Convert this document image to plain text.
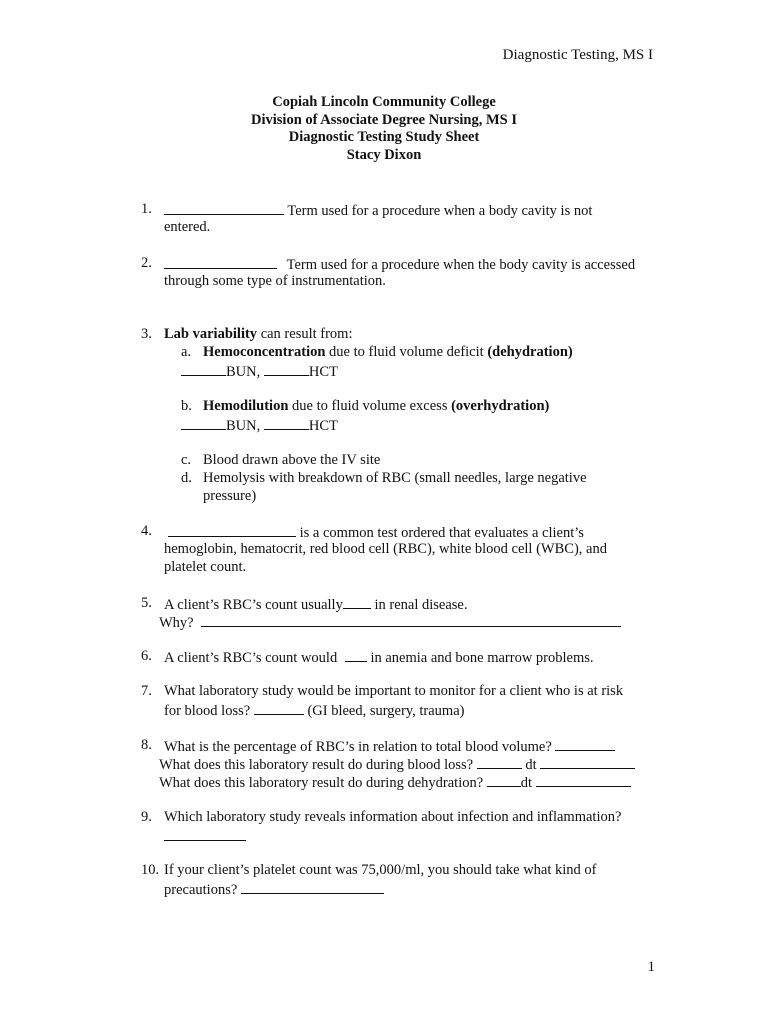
Diagnostic Testing, MS I
Copiah Lincoln Community College
Division of Associate Degree Nursing, MS I
Diagnostic Testing Study Sheet
Stacy Dixon
1.	Term used for a procedure when a body cavity is not
entered.
2.	Term used for a procedure when the body cavity is accessed
through some type of instrumentation.
3. Lab variability can result from:
a. Hemoconcentration due to fluid volume deficit (dehydration)
BUN,	HCT
b. Hemodilution due to fluid volume excess (overhydration)
BUN,	HCT
c. Blood drawn above the IV site
d. Hemolysis with breakdown of RBC (small needles, large negative
pressure)
4.	is a common test ordered that evaluates a client’s
hemoglobin, hematocrit, red blood cell (RBC), white blood cell (WBC), and
platelet count.
5. A client’s RBC’s count usually in renal disease.
Why?
6. A client’s RBC’s count would in anemia and bone marrow problems.
7. What laboratory study would be important to monitor for a client who is at risk
for blood loss?	(GI bleed, surgery, trauma)
8. What is the percentage of RBC’s in relation to total blood volume?
What does this laboratory result do during blood loss?	dt
What does this laboratory result do during dehydration?	dt
9. Which laboratory study reveals information about infection and inflammation?
10. If your client’s platelet count was 75,000/ml, you should take what kind of
precautions?
1
